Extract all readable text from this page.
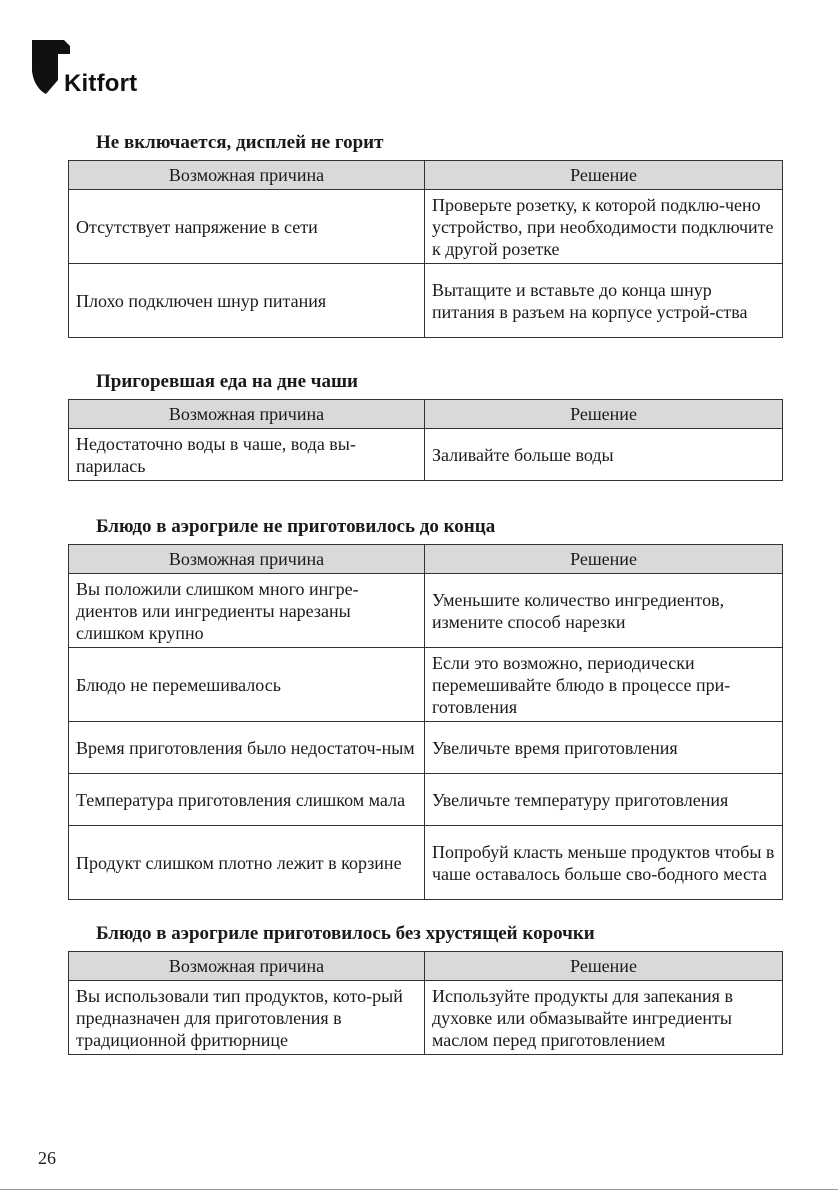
Kitfort
Не включается, дисплей не горит
Возможная причина	Решение
Отсутствует напряжение в сети	Проверьте розетку, к которой подклю-чено устройство, при необходимости подключите к другой розетке
Плохо подключен шнур питания	Вытащите и вставьте до конца шнур питания в разъем на корпусе устрой-ства
Пригоревшая еда на дне чаши
Возможная причина	Решение
Недостаточно воды в чаше, вода вы-парилась	Заливайте больше воды
Блюдо в аэрогриле не приготовилось до конца
Возможная причина	Решение
Вы положили слишком много ингре-диентов или ингредиенты нарезаны слишком крупно	Уменьшите количество ингредиентов, измените способ нарезки
Блюдо не перемешивалось	Если это возможно, периодически перемешивайте блюдо в процессе при-готовления
Время приготовления было недостаточ-ным	Увеличьте время приготовления
Температура приготовления слишком мала	Увеличьте температуру приготовления
Продукт слишком плотно лежит в корзине	Попробуй класть меньше продуктов чтобы в чаше оставалось больше сво-бодного места
Блюдо в аэрогриле приготовилось без хрустящей корочки
Возможная причина	Решение
Вы использовали тип продуктов, кото-рый предназначен для приготовления в традиционной фритюрнице	Используйте продукты для запекания в духовке или обмазывайте ингредиенты маслом перед приготовлением
26
